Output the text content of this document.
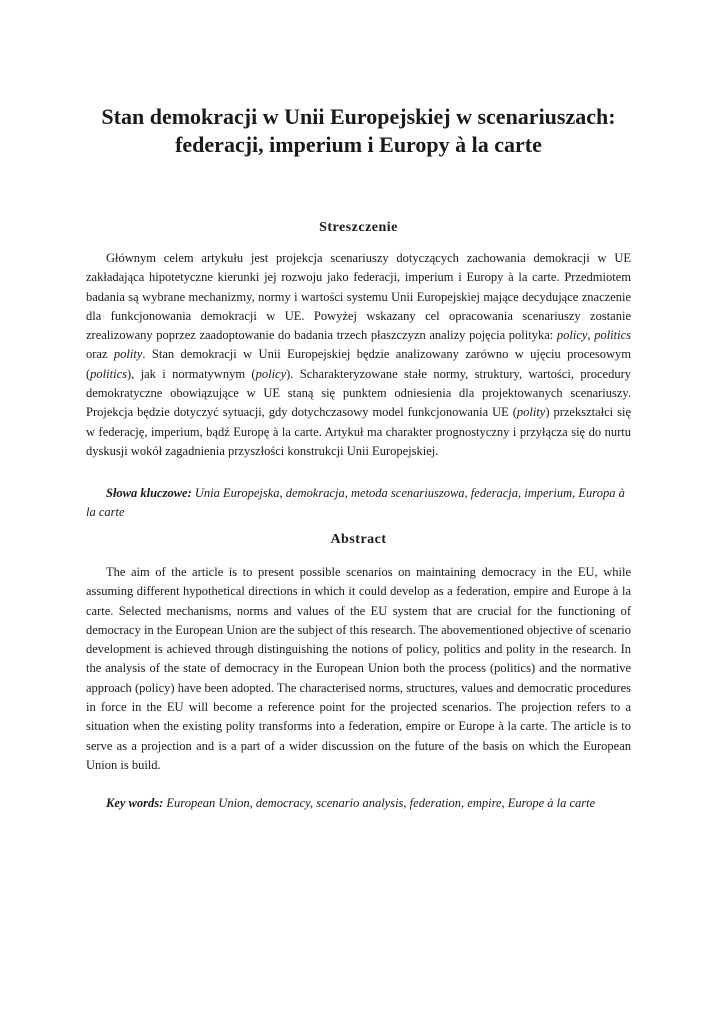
Stan demokracji w Unii Europejskiej w scenariuszach:
federacji, imperium i Europy à la carte
Streszczenie

Głównym celem artykułu jest projekcja scenariuszy dotyczących zachowania demokracji w UE zakładająca hipotetyczne kierunki jej rozwoju jako federacji, imperium i Europy à la carte. Przedmiotem badania są wybrane mechanizmy, normy i wartości systemu Unii Europejskiej mające decydujące znaczenie dla funkcjonowania demokracji w UE. Powyżej wskazany cel opracowania scenariuszy zostanie zrealizowany poprzez zaadoptowanie do badania trzech płaszczyzn analizy pojęcia polityka: policy, politics oraz polity. Stan demokracji w Unii Europejskiej będzie analizowany zarówno w ujęciu procesowym (politics), jak i normatywnym (policy). Scharakteryzowane stałe normy, struktury, wartości, procedury demokratyczne obowiązujące w UE staną się punktem odniesienia dla projektowanych scenariuszy. Projekcja będzie dotyczyć sytuacji, gdy dotychczasowy model funkcjonowania UE (polity) przekształci się w federację, imperium, bądź Europę à la carte. Artykuł ma charakter prognostyczny i przyłącza się do nurtu dyskusji wokół zagadnienia przyszłości konstrukcji Unii Europejskiej.

Słowa kluczowe: Unia Europejska, demokracja, metoda scenariuszowa, federacja, imperium, Europa à la carte
Abstract

The aim of the article is to present possible scenarios on maintaining democracy in the EU, while assuming different hypothetical directions in which it could develop as a federation, empire and Europe à la carte. Selected mechanisms, norms and values of the EU system that are crucial for the functioning of democracy in the European Union are the subject of this research. The abovementioned objective of scenario development is achieved through distinguishing the notions of policy, politics and polity in the research. In the analysis of the state of democracy in the European Union both the process (politics) and the normative approach (policy) have been adopted. The characterised norms, structures, values and democratic procedures in force in the EU will become a reference point for the projected scenarios. The projection refers to a situation when the existing polity transforms into a federation, empire or Europe à la carte. The article is to serve as a projection and is a part of a wider discussion on the future of the basis on which the European Union is build.

Key words: European Union, democracy, scenario analysis, federation, empire, Europe à la carte
